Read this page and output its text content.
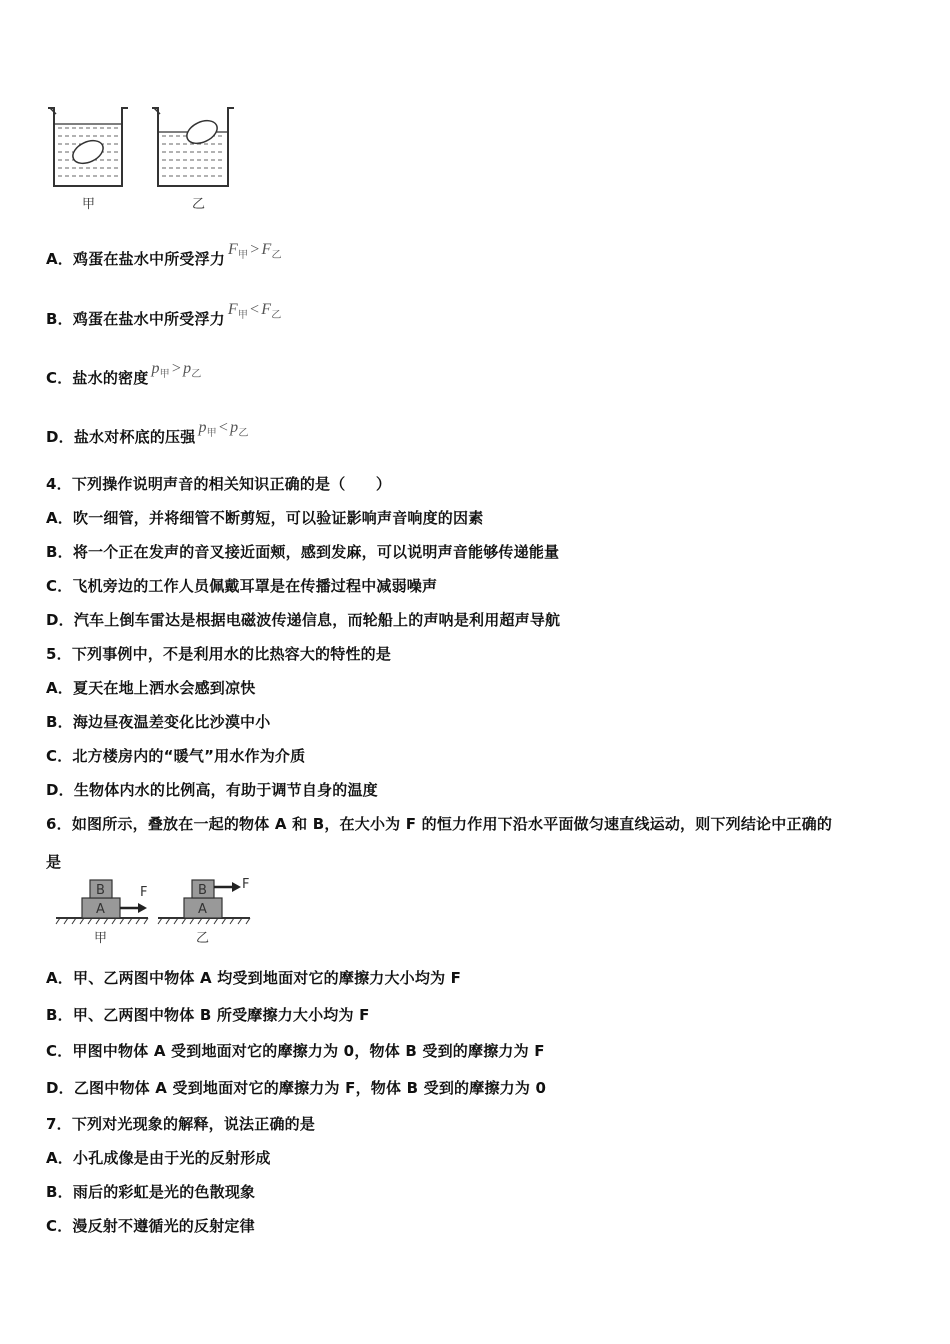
甲	乙
A．鸡蛋在盐水中所受浮力$F_甲 > F_乙$
B．鸡蛋在盐水中所受浮力$F_甲 < F_乙$
C．盐水的密度$p_甲 > p_乙$
D．盐水对杯底的压强$p_甲 < p_乙$
4．下列操作说明声音的相关知识正确的是（　　）
A．吹一细管，并将细管不断剪短，可以验证影响声音响度的因素
B．将一个正在发声的音叉接近面颊，感到发麻，可以说明声音能够传递能量
C．飞机旁边的工作人员佩戴耳罩是在传播过程中减弱噪声
D．汽车上倒车雷达是根据电磁波传递信息，而轮船上的声呐是利用超声导航
5．下列事例中，不是利用水的比热容大的特性的是
A．夏天在地上洒水会感到凉快
B．海边昼夜温差变化比沙漠中小
C．北方楼房内的“暖气”用水作为介质
D．生物体内水的比例高，有助于调节自身的温度
6．如图所示，叠放在一起的物体 A 和 B，在大小为 F 的恒力作用下沿水平面做匀速直线运动，则下列结论中正确的
是
A
B	F
甲
A
B	F
乙
A．甲、乙两图中物体 A 均受到地面对它的摩擦力大小均为 F
B．甲、乙两图中物体 B 所受摩擦力大小均为 F
C．甲图中物体 A 受到地面对它的摩擦力为 0，物体 B 受到的摩擦力为 F
D．乙图中物体 A 受到地面对它的摩擦力为 F，物体 B 受到的摩擦力为 0
7．下列对光现象的解释，说法正确的是
A．小孔成像是由于光的反射形成
B．雨后的彩虹是光的色散现象
C．漫反射不遵循光的反射定律
